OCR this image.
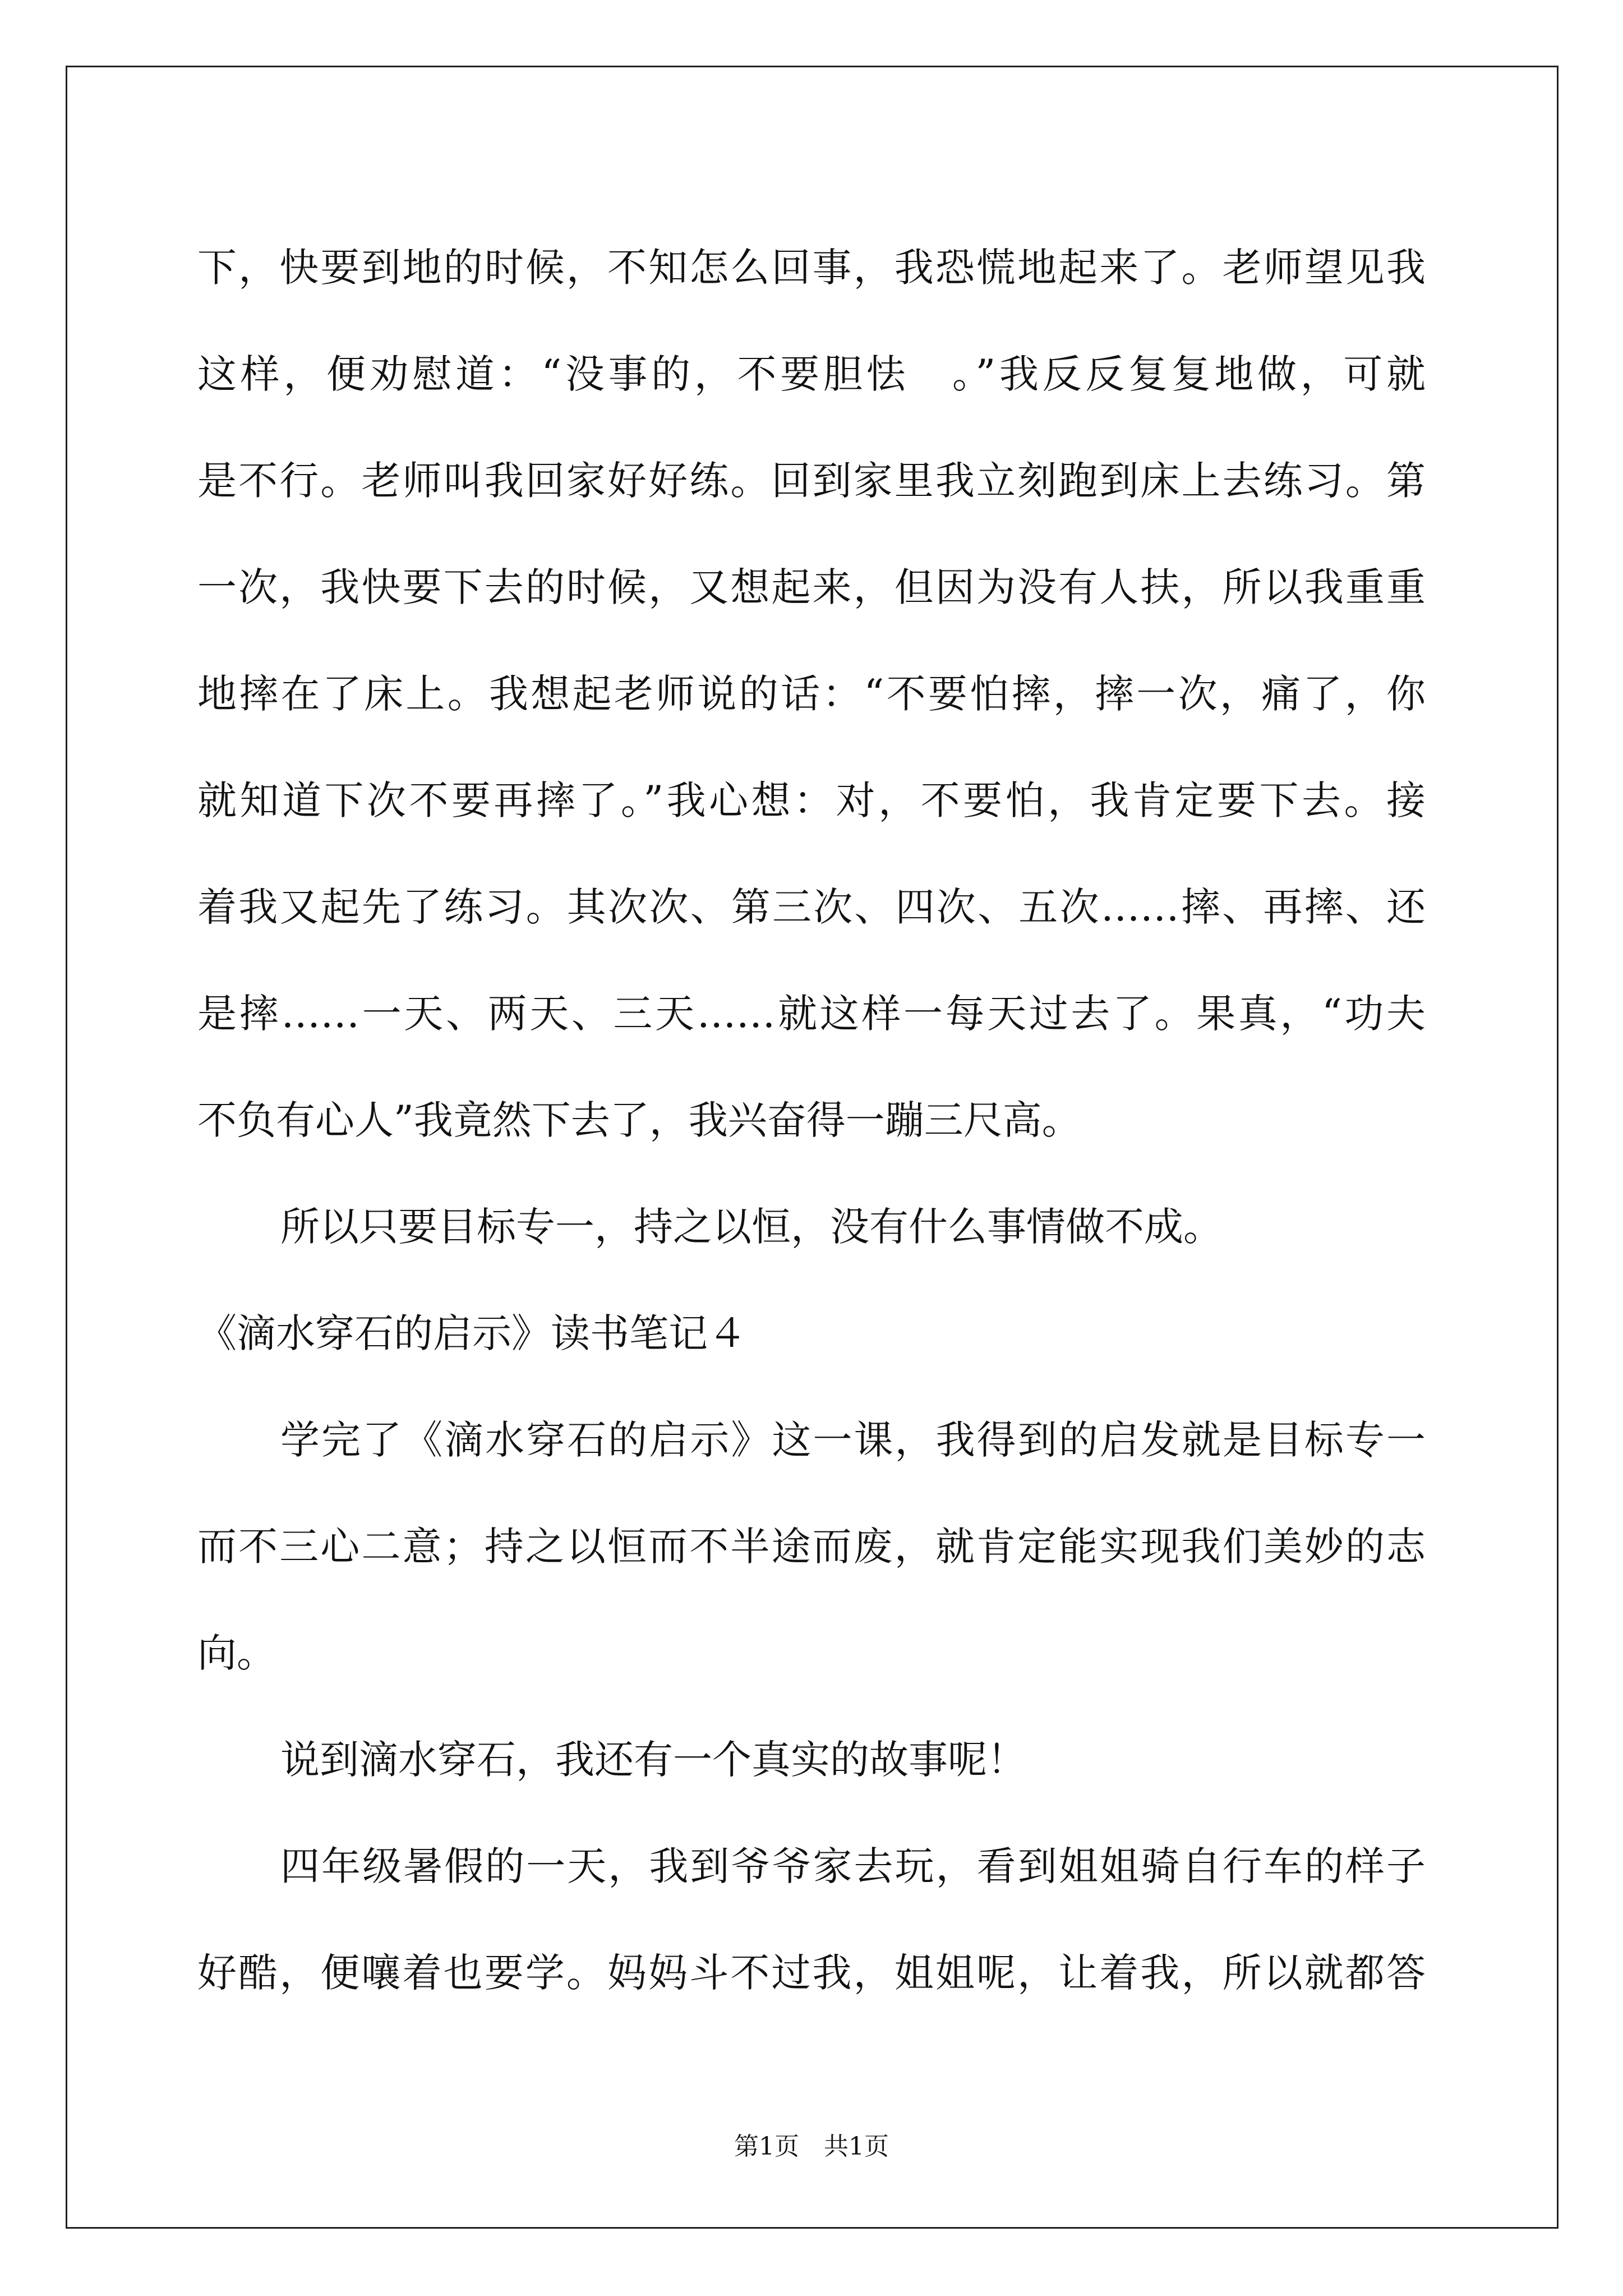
下，快要到地的时候，不知怎么回事，我恐慌地起来了。老师望见我
这样，便劝慰道：“没事的，不要胆怯　。”我反反复复地做，可就
是不行。老师叫我回家好好练。回到家里我立刻跑到床上去练习。第
一次，我快要下去的时候，又想起来，但因为没有人扶，所以我重重
地摔在了床上。我想起老师说的话：“不要怕摔，摔一次，痛了，你
就知道下次不要再摔了。”我心想：对，不要怕，我肯定要下去。接
着我又起先了练习。其次次、第三次、四次、五次……摔、再摔、还
是摔……一天、两天、三天……就这样一每天过去了。果真，“功夫
不负有心人”我竟然下去了，我兴奋得一蹦三尺高。
所以只要目标专一，持之以恒，没有什么事情做不成。
《滴水穿石的启示》读书笔记４
学完了《滴水穿石的启示》这一课，我得到的启发就是目标专一
而不三心二意；持之以恒而不半途而废，就肯定能实现我们美妙的志
向。
说到滴水穿石，我还有一个真实的故事呢！
四年级暑假的一天，我到爷爷家去玩，看到姐姐骑自行车的样子
好酷，便嚷着也要学。妈妈斗不过我，姐姐呢，让着我，所以就都答
第1页　共1页
